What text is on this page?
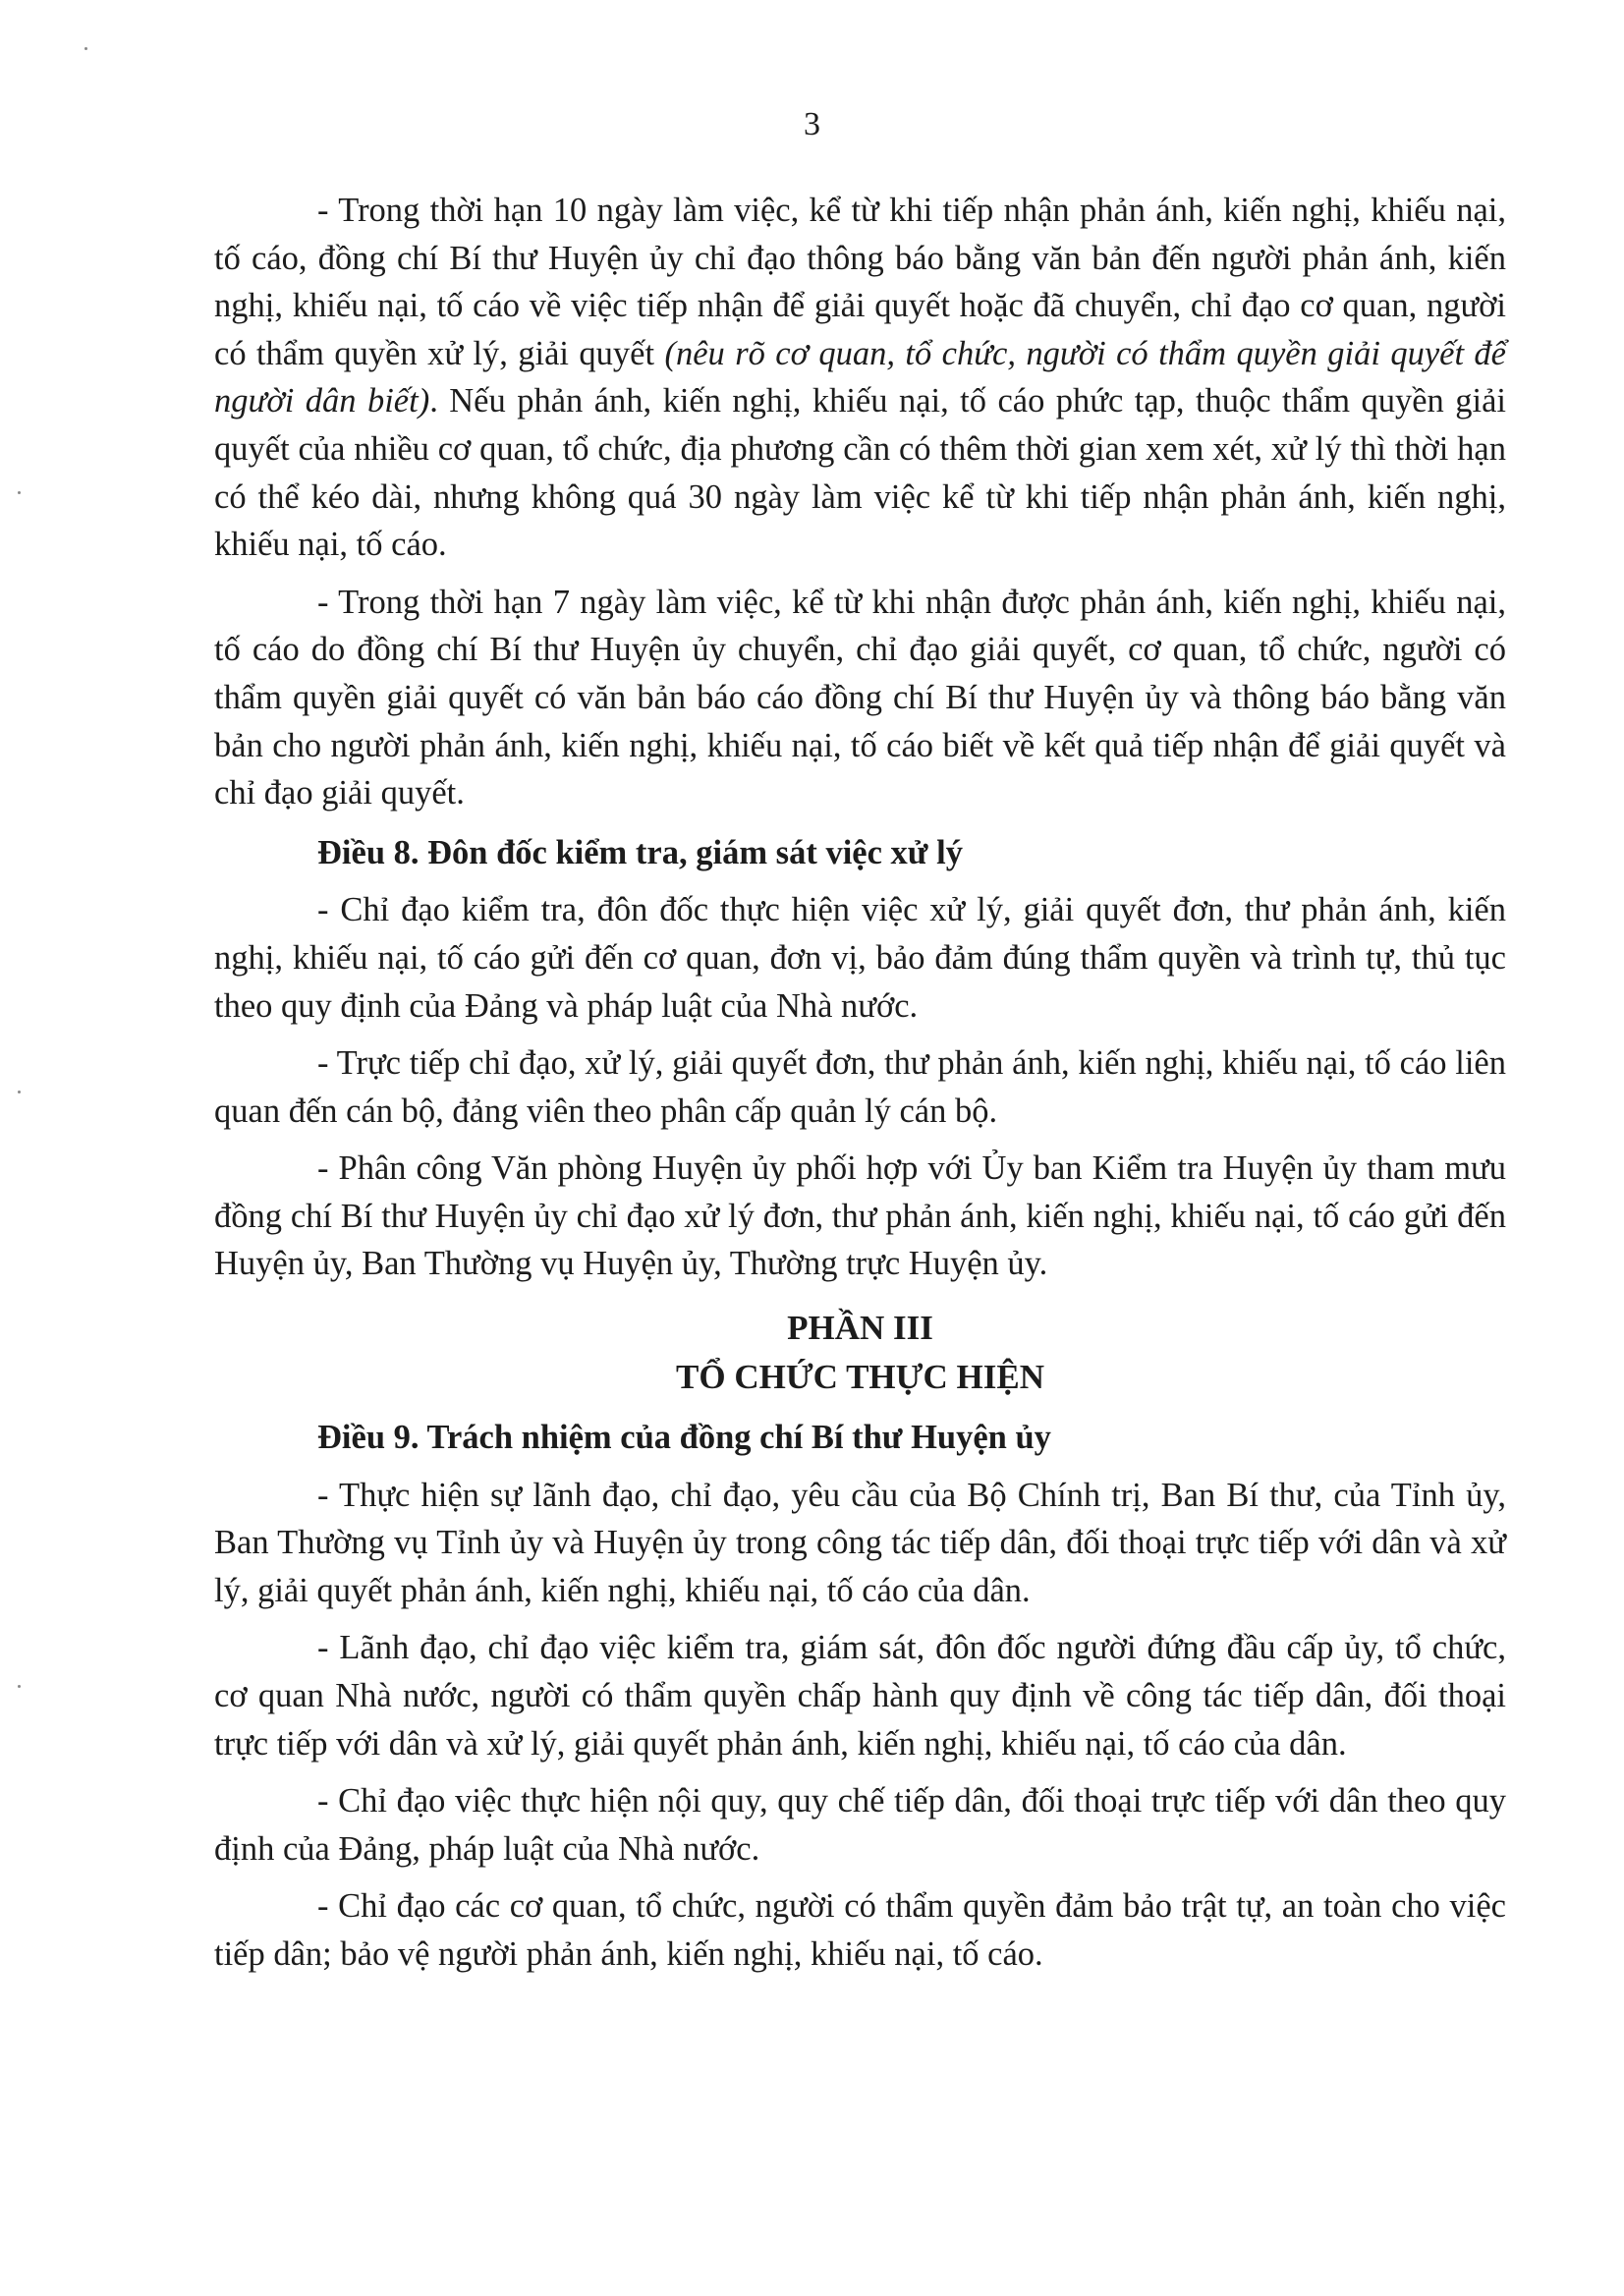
3

- Trong thời hạn 10 ngày làm việc, kể từ khi tiếp nhận phản ánh, kiến nghị, khiếu nại, tố cáo, đồng chí Bí thư Huyện ủy chỉ đạo thông báo bằng văn bản đến người phản ánh, kiến nghị, khiếu nại, tố cáo về việc tiếp nhận để giải quyết hoặc đã chuyển, chỉ đạo cơ quan, người có thẩm quyền xử lý, giải quyết (nêu rõ cơ quan, tổ chức, người có thẩm quyền giải quyết để người dân biết). Nếu phản ánh, kiến nghị, khiếu nại, tố cáo phức tạp, thuộc thẩm quyền giải quyết của nhiều cơ quan, tổ chức, địa phương cần có thêm thời gian xem xét, xử lý thì thời hạn có thể kéo dài, nhưng không quá 30 ngày làm việc kể từ khi tiếp nhận phản ánh, kiến nghị, khiếu nại, tố cáo.

- Trong thời hạn 7 ngày làm việc, kể từ khi nhận được phản ánh, kiến nghị, khiếu nại, tố cáo do đồng chí Bí thư Huyện ủy chuyển, chỉ đạo giải quyết, cơ quan, tổ chức, người có thẩm quyền giải quyết có văn bản báo cáo đồng chí Bí thư Huyện ủy và thông báo bằng văn bản cho người phản ánh, kiến nghị, khiếu nại, tố cáo biết về kết quả tiếp nhận để giải quyết và chỉ đạo giải quyết.

Điều 8. Đôn đốc kiểm tra, giám sát việc xử lý

- Chỉ đạo kiểm tra, đôn đốc thực hiện việc xử lý, giải quyết đơn, thư phản ánh, kiến nghị, khiếu nại, tố cáo gửi đến cơ quan, đơn vị, bảo đảm đúng thẩm quyền và trình tự, thủ tục theo quy định của Đảng và pháp luật của Nhà nước.

- Trực tiếp chỉ đạo, xử lý, giải quyết đơn, thư phản ánh, kiến nghị, khiếu nại, tố cáo liên quan đến cán bộ, đảng viên theo phân cấp quản lý cán bộ.

- Phân công Văn phòng Huyện ủy phối hợp với Ủy ban Kiểm tra Huyện ủy tham mưu đồng chí Bí thư Huyện ủy chỉ đạo xử lý đơn, thư phản ánh, kiến nghị, khiếu nại, tố cáo gửi đến Huyện ủy, Ban Thường vụ Huyện ủy, Thường trực Huyện ủy.

PHẦN III
TỔ CHỨC THỰC HIỆN

Điều 9. Trách nhiệm của đồng chí Bí thư Huyện ủy

- Thực hiện sự lãnh đạo, chỉ đạo, yêu cầu của Bộ Chính trị, Ban Bí thư, của Tỉnh ủy, Ban Thường vụ Tỉnh ủy và Huyện ủy trong công tác tiếp dân, đối thoại trực tiếp với dân và xử lý, giải quyết phản ánh, kiến nghị, khiếu nại, tố cáo của dân.

- Lãnh đạo, chỉ đạo việc kiểm tra, giám sát, đôn đốc người đứng đầu cấp ủy, tổ chức, cơ quan Nhà nước, người có thẩm quyền chấp hành quy định về công tác tiếp dân, đối thoại trực tiếp với dân và xử lý, giải quyết phản ánh, kiến nghị, khiếu nại, tố cáo của dân.

- Chỉ đạo việc thực hiện nội quy, quy chế tiếp dân, đối thoại trực tiếp với dân theo quy định của Đảng, pháp luật của Nhà nước.

- Chỉ đạo các cơ quan, tổ chức, người có thẩm quyền đảm bảo trật tự, an toàn cho việc tiếp dân; bảo vệ người phản ánh, kiến nghị, khiếu nại, tố cáo.
